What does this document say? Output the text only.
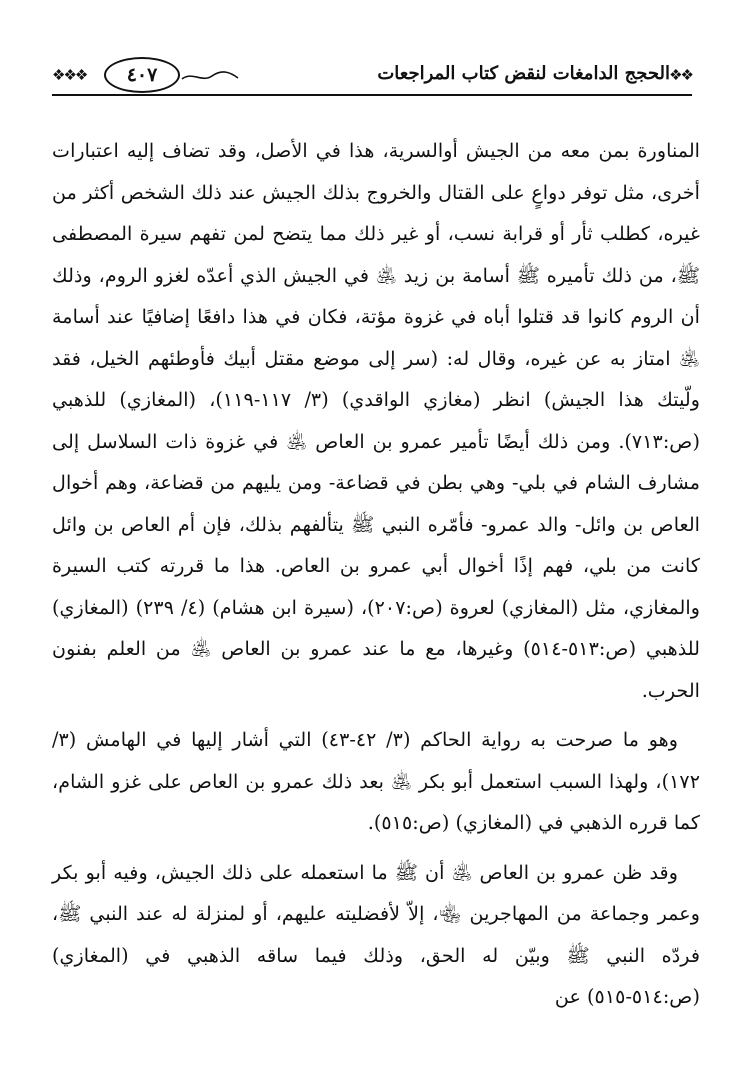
❖❖
الحجج الدامغات لنقض كتاب المراجعات
٤٠٧
❖❖❖

المناورة بمن معه من الجيش أوالسرية، هذا في الأصل، وقد تضاف إليه اعتبارات أخرى، مثل توفر دواعٍ على القتال والخروج بذلك الجيش عند ذلك الشخص أكثر من غيره، كطلب ثأر أو قرابة نسب، أو غير ذلك مما يتضح لمن تفهم سيرة المصطفى ﷺ، من ذلك تأميره ﷺ أسامة بن زيد ﵁ في الجيش الذي أعدّه لغزو الروم، وذلك أن الروم كانوا قد قتلوا أباه في غزوة مؤتة، فكان في هذا دافعًا إضافيًا عند أسامة ﵁ امتاز به عن غيره، وقال له: (سر إلى موضع مقتل أبيك فأوطئهم الخيل، فقد ولّيتك هذا الجيش) انظر (مغازي الواقدي) (٣/ ١١٧-١١٩)، (المغازي) للذهبي (ص:٧١٣). ومن ذلك أيضًا تأمير عمرو بن العاص ﵁ في غزوة ذات السلاسل إلى مشارف الشام في بلي- وهي بطن في قضاعة- ومن يليهم من قضاعة، وهم أخوال العاص بن وائل- والد عمرو- فأمّره النبي ﷺ يتألفهم بذلك، فإن أم العاص بن وائل كانت من بلي، فهم إذًا أخوال أبي عمرو بن العاص. هذا ما قررته كتب السيرة والمغازي، مثل (المغازي) لعروة (ص:٢٠٧)، (سيرة ابن هشام) (٤/ ٢٣٩) (المغازي) للذهبي (ص:٥١٣-٥١٤) وغيرها، مع ما عند عمرو بن العاص ﵁ من العلم بفنون الحرب.

وهو ما صرحت به رواية الحاكم (٣/ ٤٢-٤٣) التي أشار إليها في الهامش (٣/ ١٧٢)، ولهذا السبب استعمل أبو بكر ﵁ بعد ذلك عمرو بن العاص على غزو الشام، كما قرره الذهبي في (المغازي) (ص:٥١٥).

وقد ظن عمرو بن العاص ﵁ أن ﷺ ما استعمله على ذلك الجيش، وفيه أبو بكر وعمر وجماعة من المهاجرين ﵄، إلاّ لأفضليته عليهم، أو لمنزلة له عند النبي ﷺ، فردّه النبي ﷺ وبيّن له الحق، وذلك فيما ساقه الذهبي في (المغازي) (ص:٥١٤-٥١٥) عن
